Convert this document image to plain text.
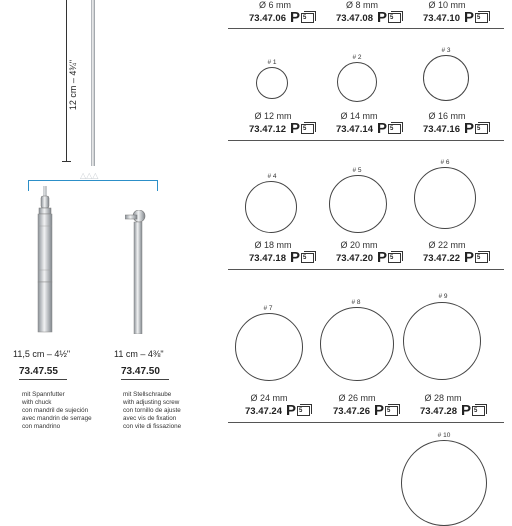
12 cm – 4¾"
△△△
11,5 cm – 4½"	11 cm – 4⅜"
73.47.55	73.47.50
mit Spannfutter
with chuck
con mandril de sujeción
avec mandrin de serrage
con mandrino
mit Stellschraube
with adjusting screw
con tornillo de ajuste
avec vis de fixation
con vite di fissazione
Ø 6 mm	Ø 8 mm	Ø 10 mm
73.47.06 P 5	73.47.08 P 5	73.47.10 P 5
# 1
# 2
# 3
Ø 12 mm	Ø 14 mm	Ø 16 mm
73.47.12 P 5	73.47.14 P 5	73.47.16 P 5
# 4
# 5
# 6
Ø 18 mm	Ø 20 mm	Ø 22 mm
73.47.18 P 5	73.47.20 P 5	73.47.22 P 5
# 7
# 8
# 9
Ø 24 mm	Ø 26 mm	Ø 28 mm
73.47.24 P 5	73.47.26 P 5	73.47.28 P 5
# 10
